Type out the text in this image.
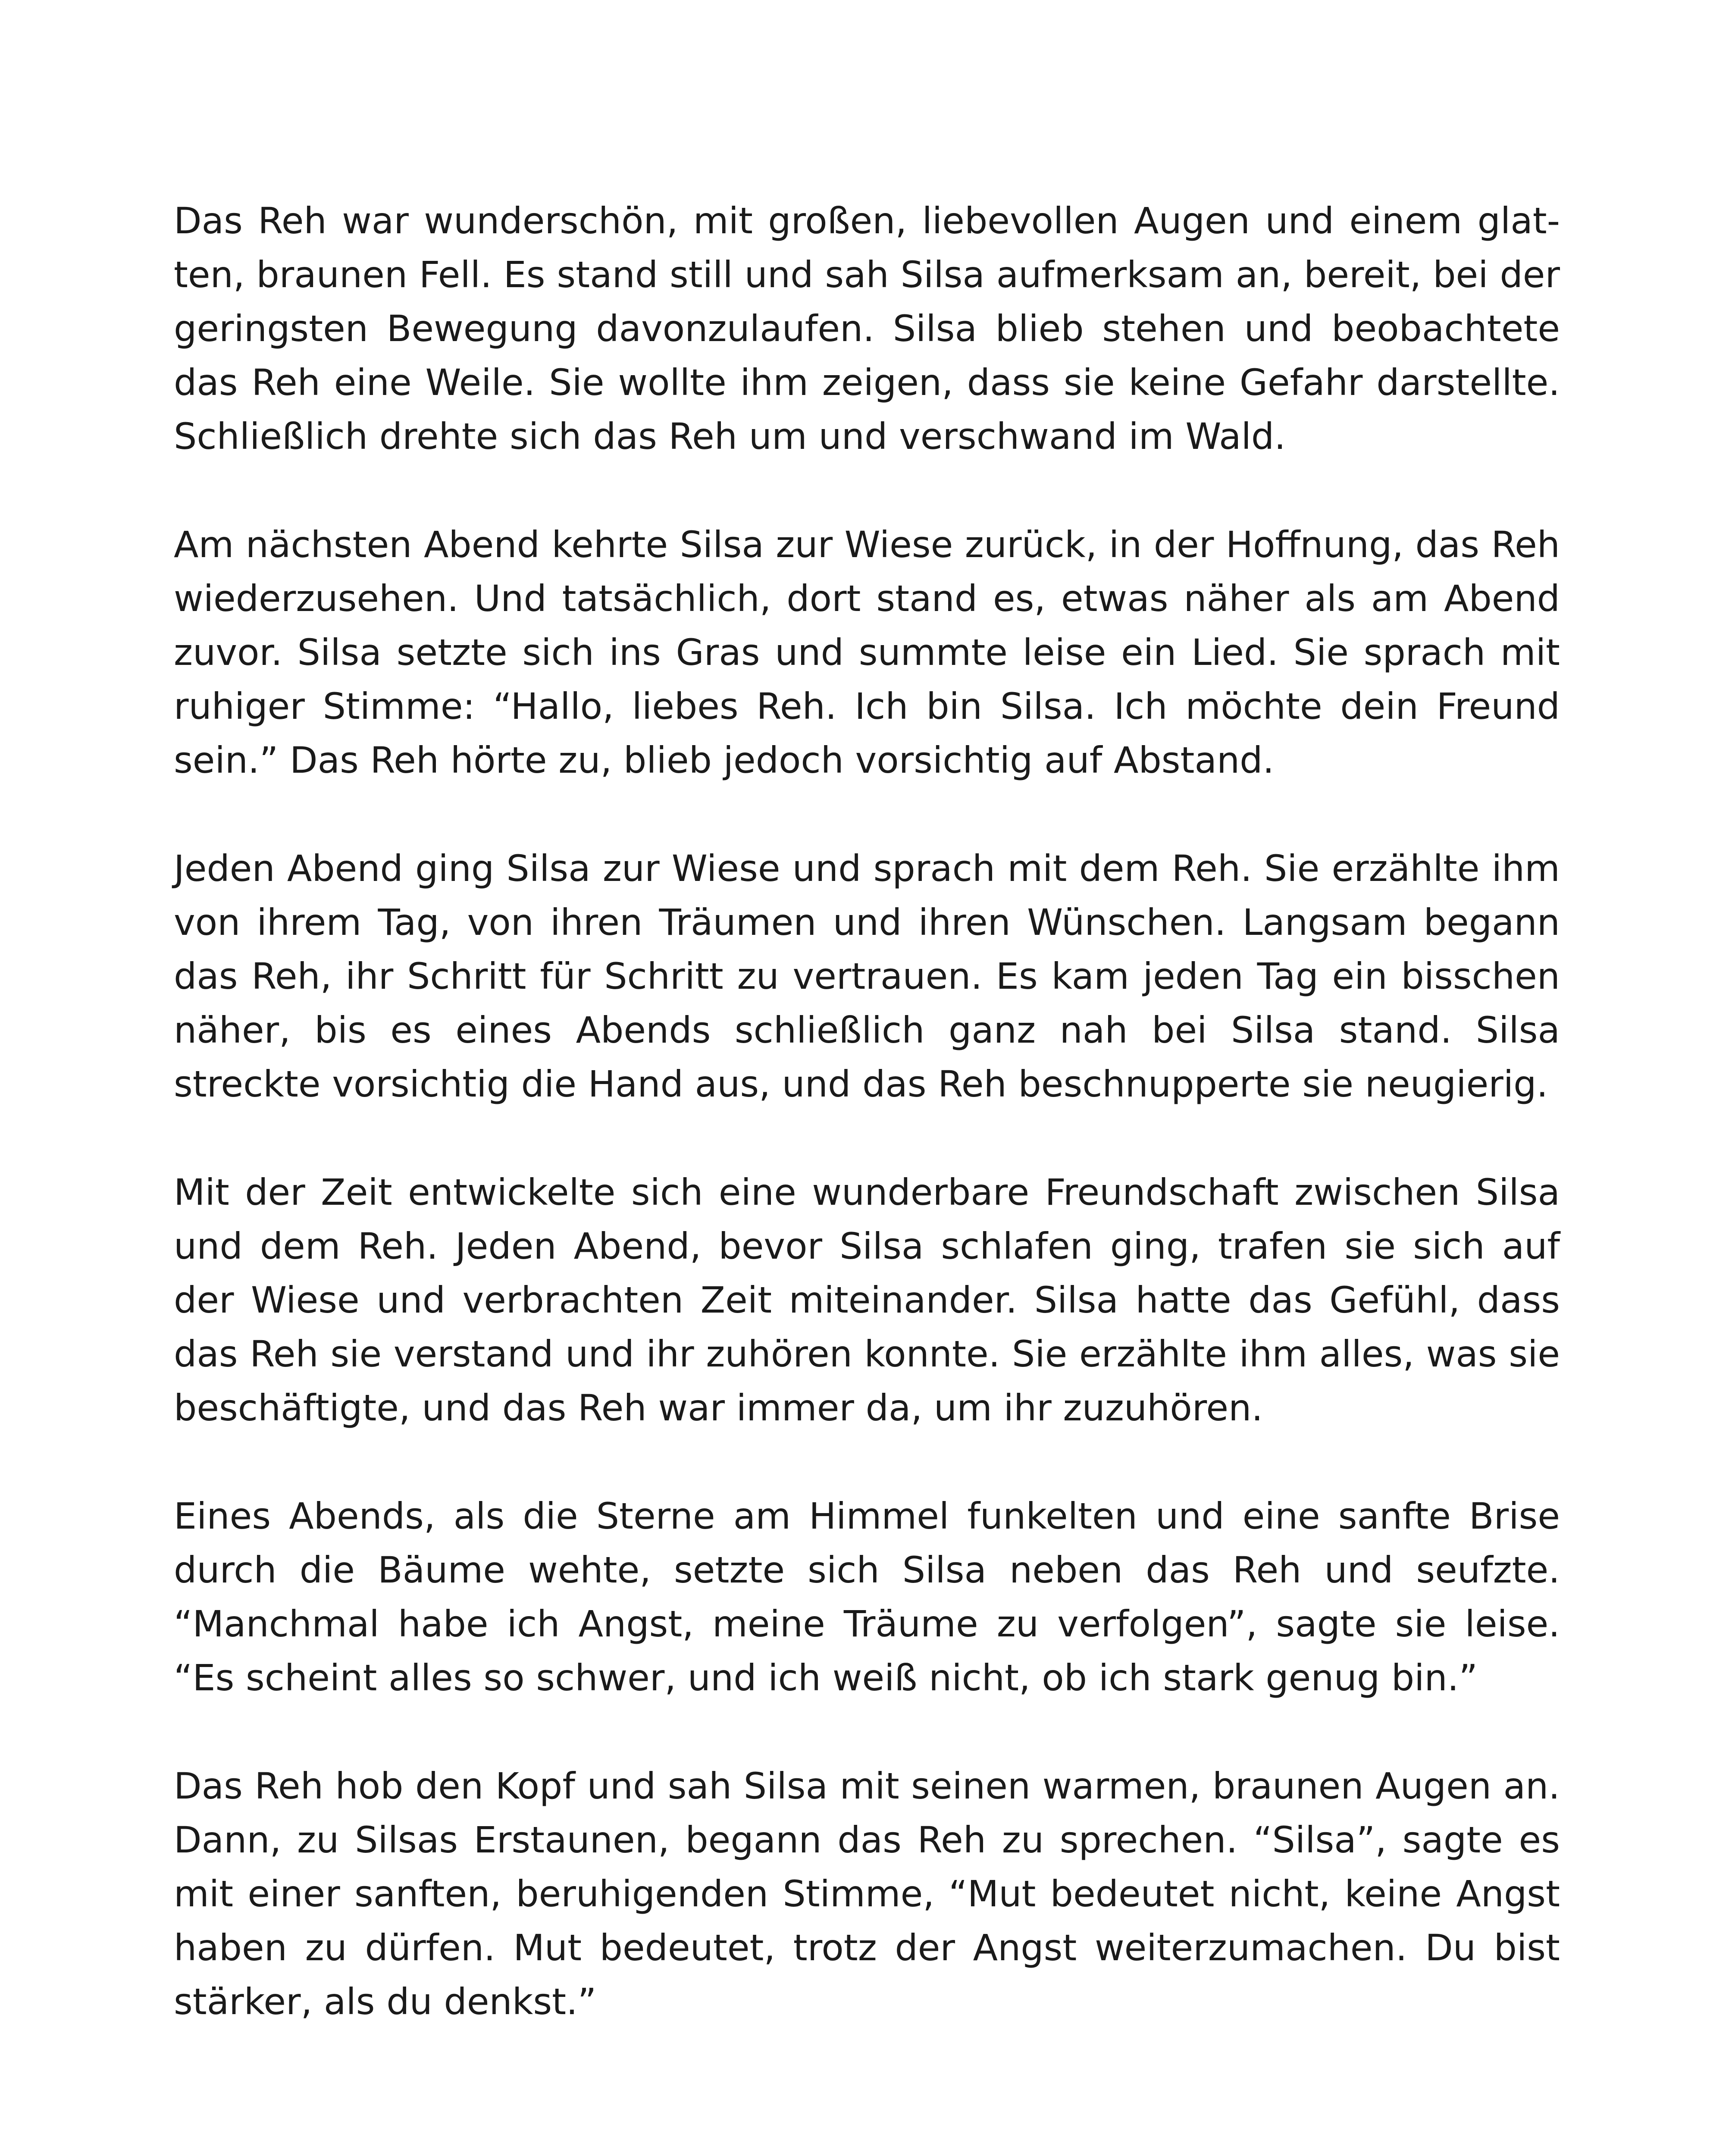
Das Reh war wunderschön, mit großen, liebevollen Augen und einem glatten, braunen Fell. Es stand still und sah Silsa aufmerksam an, bereit, bei der geringsten Bewegung davonzulaufen. Silsa blieb stehen und beobachtete das Reh eine Weile. Sie wollte ihm zeigen, dass sie keine Gefahr darstellte. Schließlich drehte sich das Reh um und verschwand im Wald.

Am nächsten Abend kehrte Silsa zur Wiese zurück, in der Hoffnung, das Reh wiederzusehen. Und tatsächlich, dort stand es, etwas näher als am Abend zuvor. Silsa setzte sich ins Gras und summte leise ein Lied. Sie sprach mit ruhiger Stimme: “Hallo, liebes Reh. Ich bin Silsa. Ich möchte dein Freund sein.” Das Reh hörte zu, blieb jedoch vorsichtig auf Abstand.

Jeden Abend ging Silsa zur Wiese und sprach mit dem Reh. Sie erzählte ihm von ihrem Tag, von ihren Träumen und ihren Wünschen. Langsam begann das Reh, ihr Schritt für Schritt zu vertrauen. Es kam jeden Tag ein bisschen näher, bis es eines Abends schließlich ganz nah bei Silsa stand. Silsa streckte vorsichtig die Hand aus, und das Reh beschnupperte sie neugierig.

Mit der Zeit entwickelte sich eine wunderbare Freundschaft zwischen Silsa und dem Reh. Jeden Abend, bevor Silsa schlafen ging, trafen sie sich auf der Wiese und verbrachten Zeit miteinander. Silsa hatte das Gefühl, dass das Reh sie verstand und ihr zuhören konnte. Sie erzählte ihm alles, was sie beschäftigte, und das Reh war immer da, um ihr zuzuhören.

Eines Abends, als die Sterne am Himmel funkelten und eine sanfte Brise durch die Bäume wehte, setzte sich Silsa neben das Reh und seufzte. “Manchmal habe ich Angst, meine Träume zu verfolgen”, sagte sie leise. “Es scheint alles so schwer, und ich weiß nicht, ob ich stark genug bin.”

Das Reh hob den Kopf und sah Silsa mit seinen warmen, braunen Augen an. Dann, zu Silsas Erstaunen, begann das Reh zu sprechen. “Silsa”, sagte es mit einer sanften, beruhigenden Stimme, “Mut bedeutet nicht, keine Angst haben zu dürfen. Mut bedeutet, trotz der Angst weiterzumachen. Du bist stärker, als du denkst.”
